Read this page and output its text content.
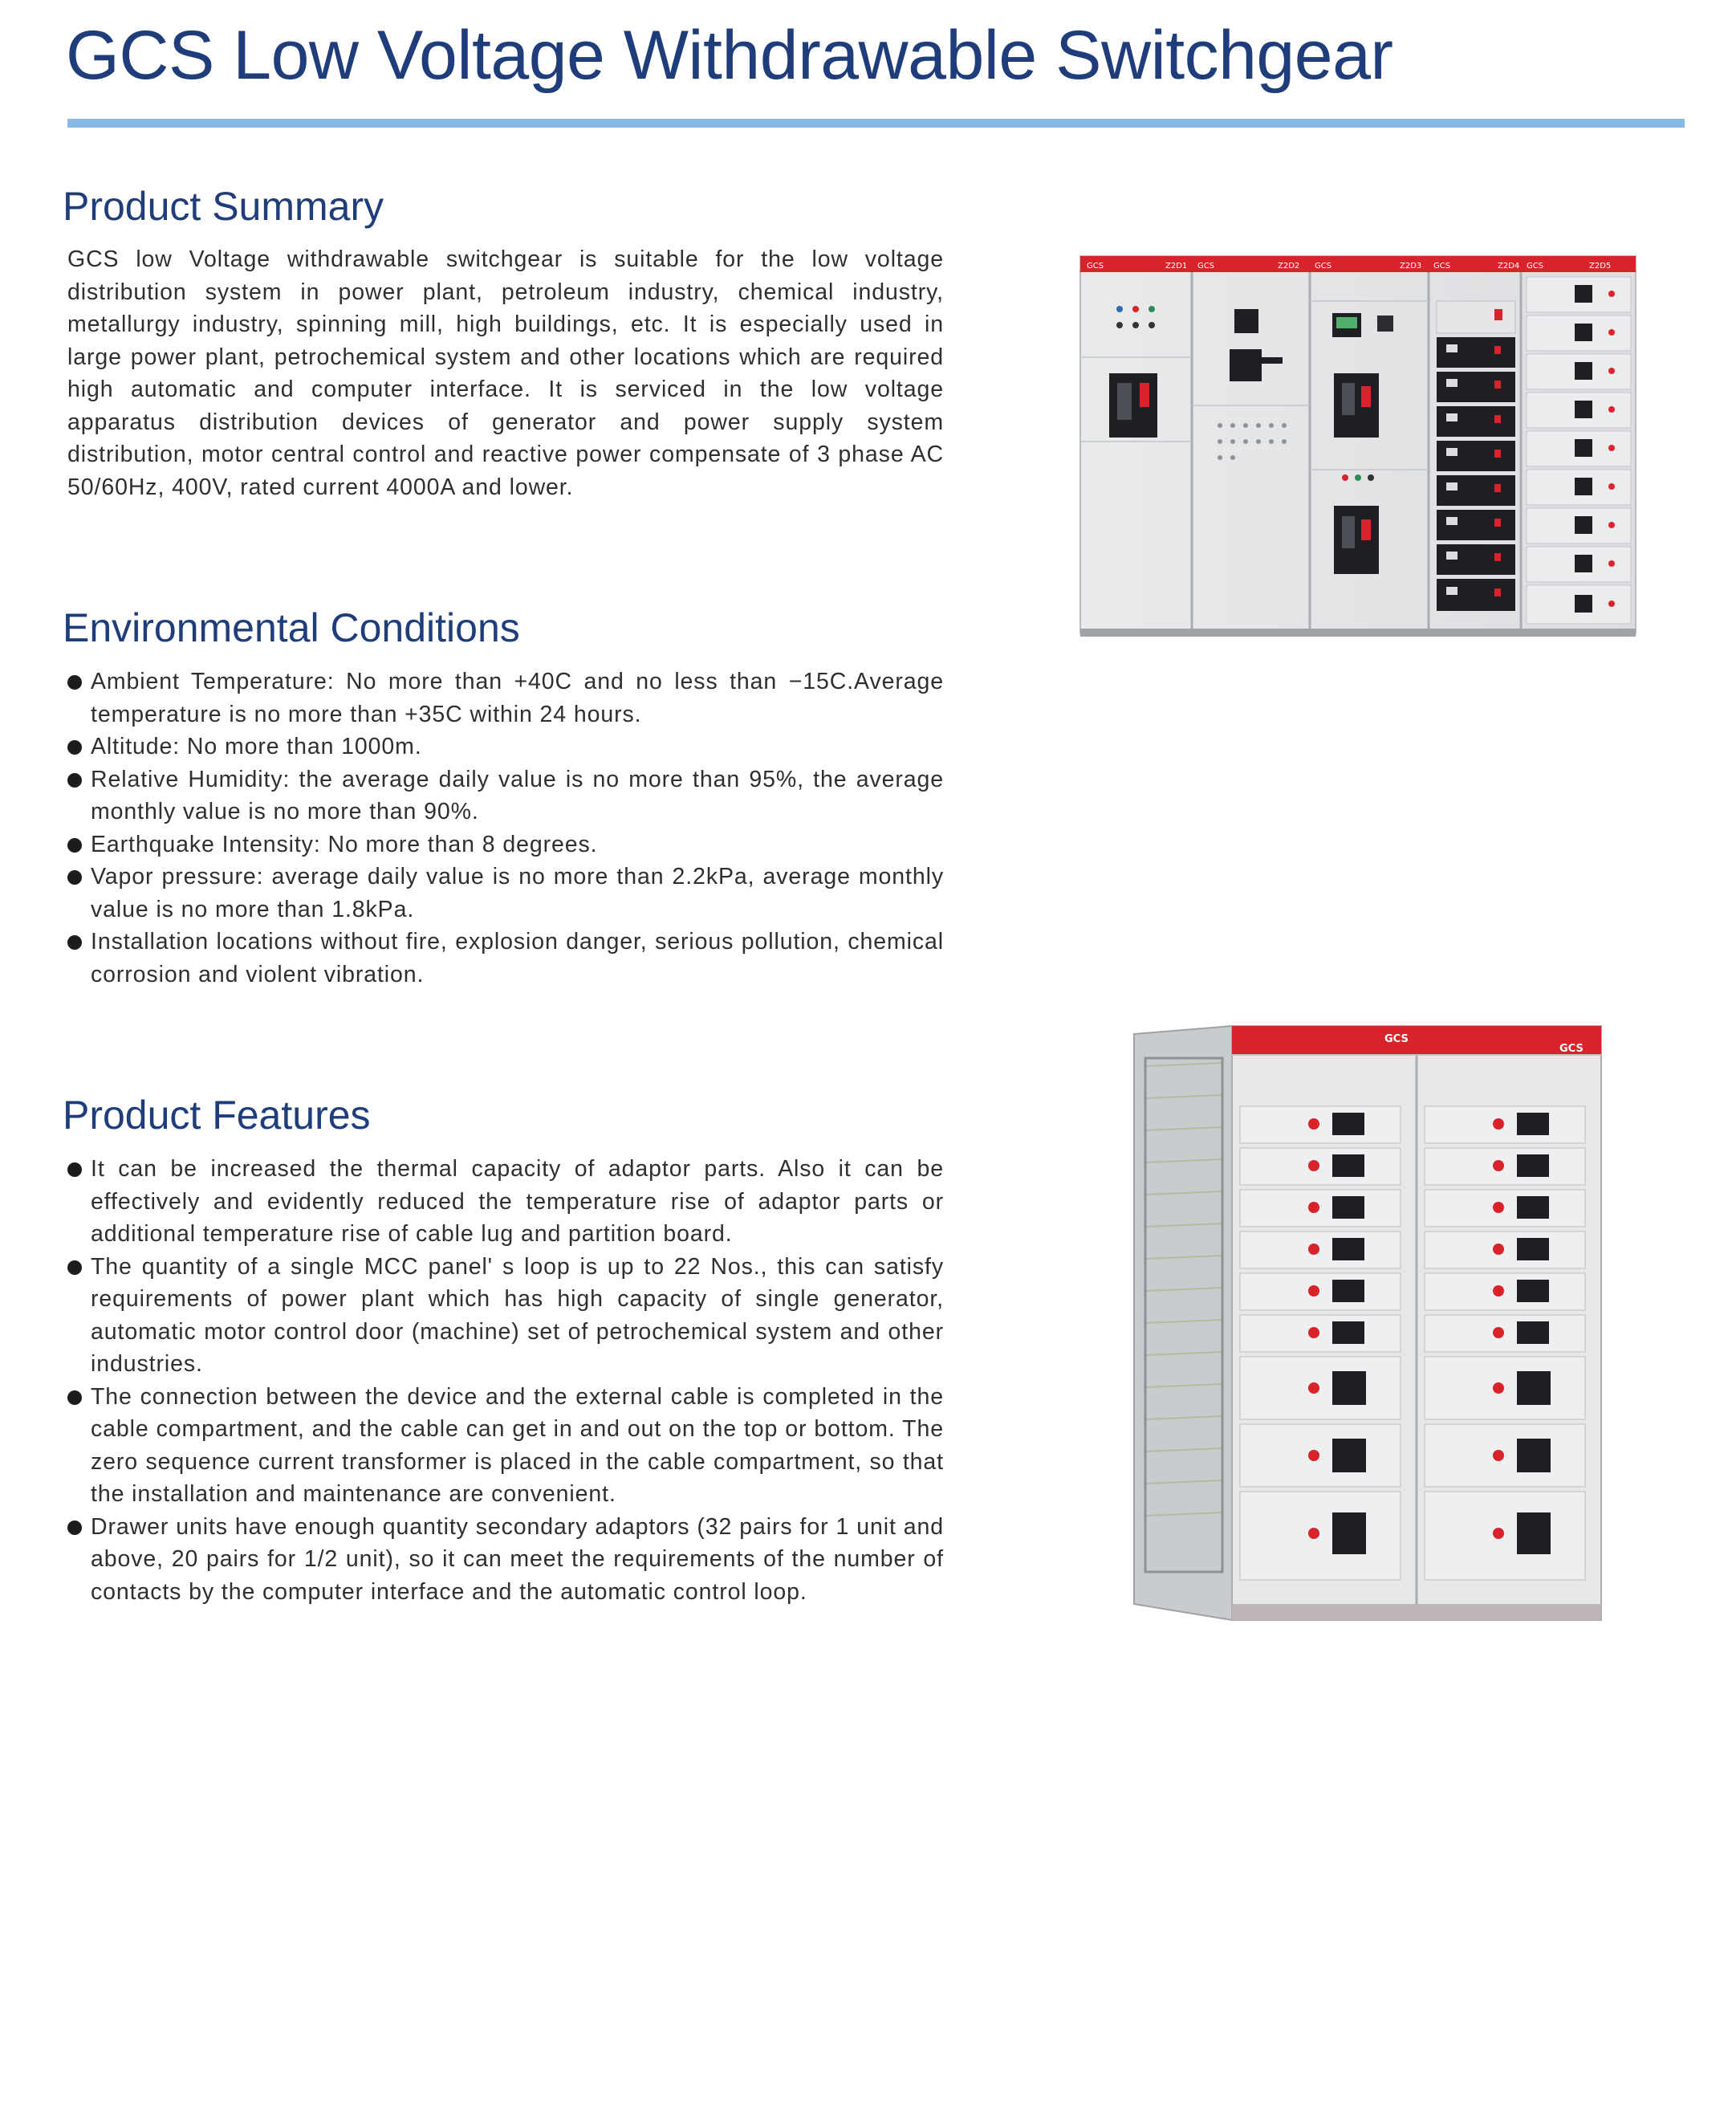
GCS Low Voltage Withdrawable Switchgear
Product Summary

GCS low Voltage withdrawable switchgear is suitable for the low voltage distribution system in power plant, petroleum industry, chemical industry, metallurgy industry, spinning mill, high buildings, etc. It is especially used in large power plant, petrochemical system and other locations which are required high automatic and computer interface. It is serviced in the low voltage apparatus distribution devices of generator and power supply system distribution, motor central control and reactive power compensate of 3 phase AC 50/60Hz, 400V, rated current 4000A and lower.

Environmental Conditions
Ambient Temperature: No more than +40C and no less than −15C.Average temperature is no more than +35C within 24 hours.
Altitude: No more than 1000m.
Relative Humidity: the average daily value is no more than 95%, the average monthly value is no more than 90%.
Earthquake Intensity: No more than 8 degrees.
Vapor pressure: average daily value is no more than 2.2kPa, average monthly value is no more than 1.8kPa.
Installation locations without fire, explosion danger, serious pollution, chemical corrosion and violent vibration.
Product Features
It can be increased the thermal capacity of adaptor parts. Also it can be effectively and evidently reduced the temperature rise of adaptor parts or additional temperature rise of cable lug and partition board.
The quantity of a single MCC panel' s loop is up to 22 Nos., this can satisfy requirements of power plant which has high capacity of single generator, automatic motor control door (machine) set of petrochemical system and other industries.
The connection between the device and the external cable is completed in the cable compartment, and the cable can get in and out on the top or bottom. The zero sequence current transformer is placed in the cable compartment, so that the installation and maintenance are convenient.
Drawer units have enough quantity secondary adaptors (32 pairs for 1 unit and above, 20 pairs for 1/2 unit), so it can meet the requirements of the number of contacts by the computer interface and the automatic control loop.
GCS	Z2D1 GCS	Z2D2 GCS	Z2D3 GCS	Z2D4 GCS	Z2D5
GCS
GCS
